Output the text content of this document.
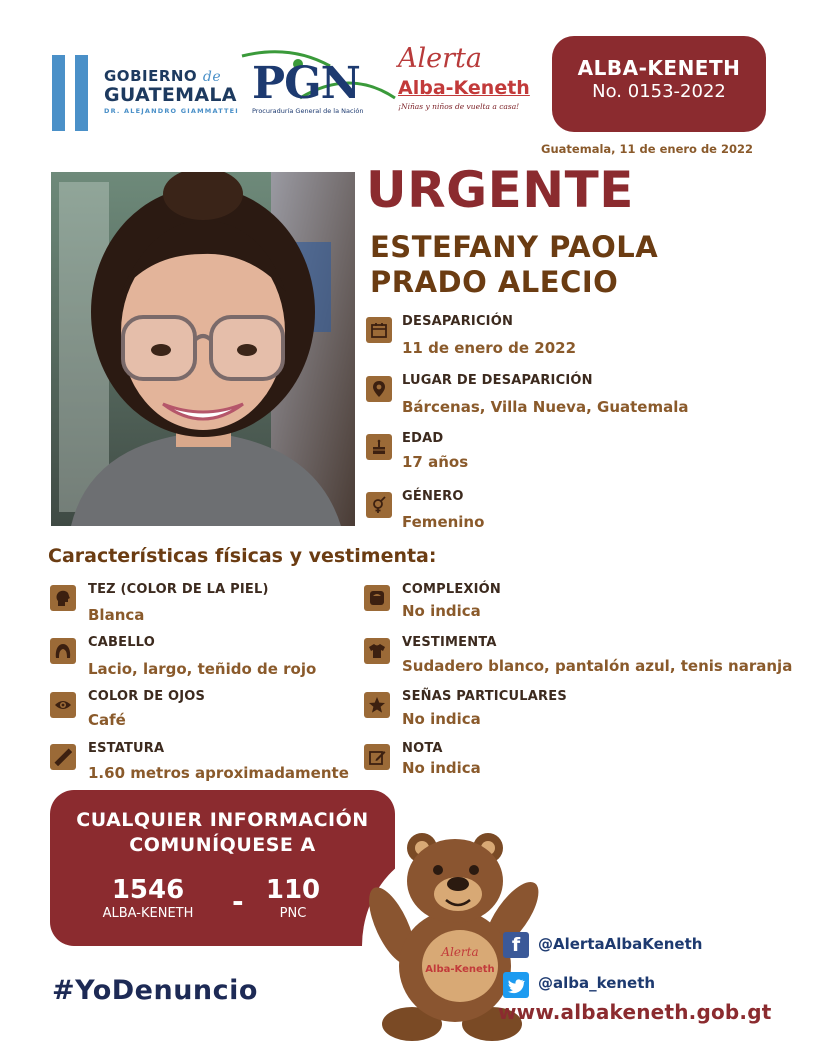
GOBIERNO de
GUATEMALA
DR. ALEJANDRO GIAMMATTEI
PGN
Procuraduría General de la Nación
Alerta
Alba-Keneth
¡Niñas y niños de vuelta a casa!
ALBA-KENETH
No. 0153-2022
Guatemala, 11 de enero de 2022
URGENTE
ESTEFANY PAOLA
PRADO ALECIO
DESAPARICIÓN
11 de enero de 2022
LUGAR DE DESAPARICIÓN
Bárcenas, Villa Nueva, Guatemala
EDAD
17 años
GÉNERO
Femenino
Características físicas y vestimenta:
TEZ (COLOR DE LA PIEL)
Blanca
CABELLO
Lacio, largo, teñido de rojo
COLOR DE OJOS
Café
ESTATURA
1.60 metros aproximadamente
COMPLEXIÓN
No indica
VESTIMENTA
Sudadero blanco, pantalón azul, tenis naranja
SEÑAS PARTICULARES
No indica
NOTA
No indica
CUALQUIER INFORMACIÓN
COMUNÍQUESE A
1546
ALBA-KENETH
110
PNC
-
Alerta
Alba-Keneth
f	@AlertaAlbaKeneth
@alba_keneth
www.albakeneth.gob.gt
#YoDenuncio
